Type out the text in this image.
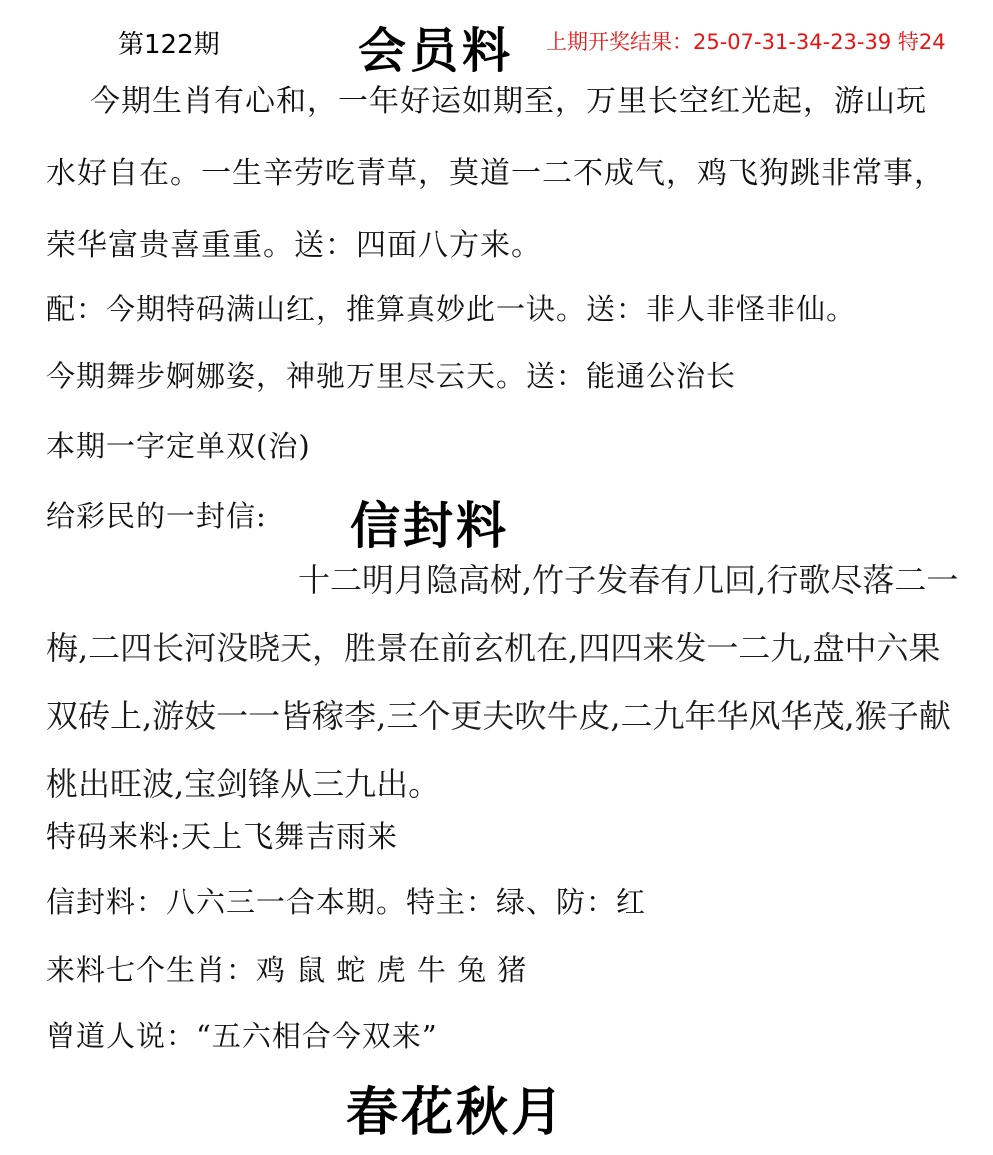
第122期	会员料 上期开奖结果：25-07-31-34-23-39 特24
今期生肖有心和，一年好运如期至，万里长空红光起，游山玩水好自在。一生辛劳吃青草，莫道一二不成气，鸡飞狗跳非常事，荣华富贵喜重重。送：四面八方来。
配：今期特码满山红，推算真妙此一诀。送：非人非怪非仙。
今期舞步婀娜姿，神驰万里尽云天。送：能通公治长
本期一字定单双(治)
给彩民的一封信: 信封料
十二明月隐高树,竹子发春有几回,行歌尽落二一梅,二四长河没晓天，胜景在前玄机在,四四来发一二九,盘中六果双砖上,游妓一一皆稼李,三个更夫吹牛皮,二九年华风华茂,猴子献桃出旺波,宝剑锋从三九出。
特码来料:天上飞舞吉雨来
信封料：八六三一合本期。特主：绿、防：红
来料七个生肖：鸡 鼠 蛇 虎 牛 兔 猪
曾道人说：“五六相合今双来”
春花秋月
